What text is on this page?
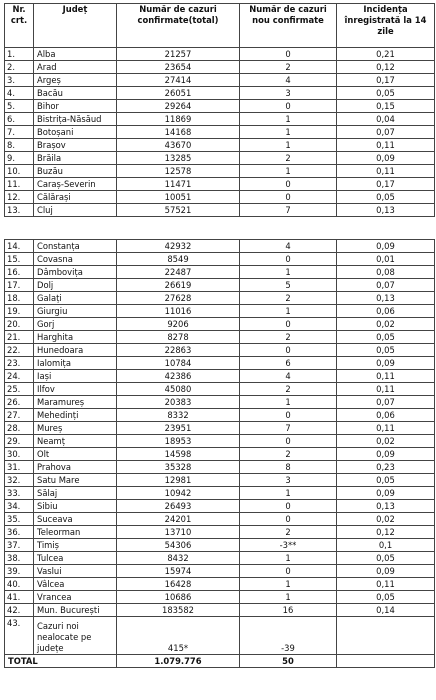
Nr. crt.	Județ	Număr de cazuri confirmate(total)	Număr de cazuri nou confirmate	Incidența înregistrată la 14 zile
1.	Alba	21257	0	0,21
2.	Arad	23654	2	0,12
3.	Argeș	27414	4	0,17
4.	Bacău	26051	3	0,05
5.	Bihor	29264	0	0,15
6.	Bistrița-Năsăud	11869	1	0,04
7.	Botoșani	14168	1	0,07
8.	Brașov	43670	1	0,11
9.	Brăila	13285	2	0,09
10.	Buzău	12578	1	0,11
11.	Caraș-Severin	11471	0	0,17
12.	Călărași	10051	0	0,05
13.	Cluj	57521	7	0,13
14.	Constanța	42932	4	0,09
15.	Covasna	8549	0	0,01
16.	Dâmbovița	22487	1	0,08
17.	Dolj	26619	5	0,07
18.	Galați	27628	2	0,13
19.	Giurgiu	11016	1	0,06
20.	Gorj	9206	0	0,02
21.	Harghita	8278	2	0,05
22.	Hunedoara	22863	0	0,05
23.	Ialomița	10784	6	0,09
24.	Iași	42386	4	0,11
25.	Ilfov	45080	2	0,11
26.	Maramureș	20383	1	0,07
27.	Mehedinți	8332	0	0,06
28.	Mureș	23951	7	0,11
29.	Neamț	18953	0	0,02
30.	Olt	14598	2	0,09
31.	Prahova	35328	8	0,23
32.	Satu Mare	12981	3	0,05
33.	Sălaj	10942	1	0,09
34.	Sibiu	26493	0	0,13
35.	Suceava	24201	0	0,02
36.	Teleorman	13710	2	0,12
37.	Timiș	54306	-3**	0,1
38.	Tulcea	8432	1	0,05
39.	Vaslui	15974	0	0,09
40.	Vâlcea	16428	1	0,11
41.	Vrancea	10686	1	0,05
42.	Mun. București	183582	16	0,14
43.	Cazuri noi nealocate pe județe	415*	-39	
TOTAL		1.079.776	50	
